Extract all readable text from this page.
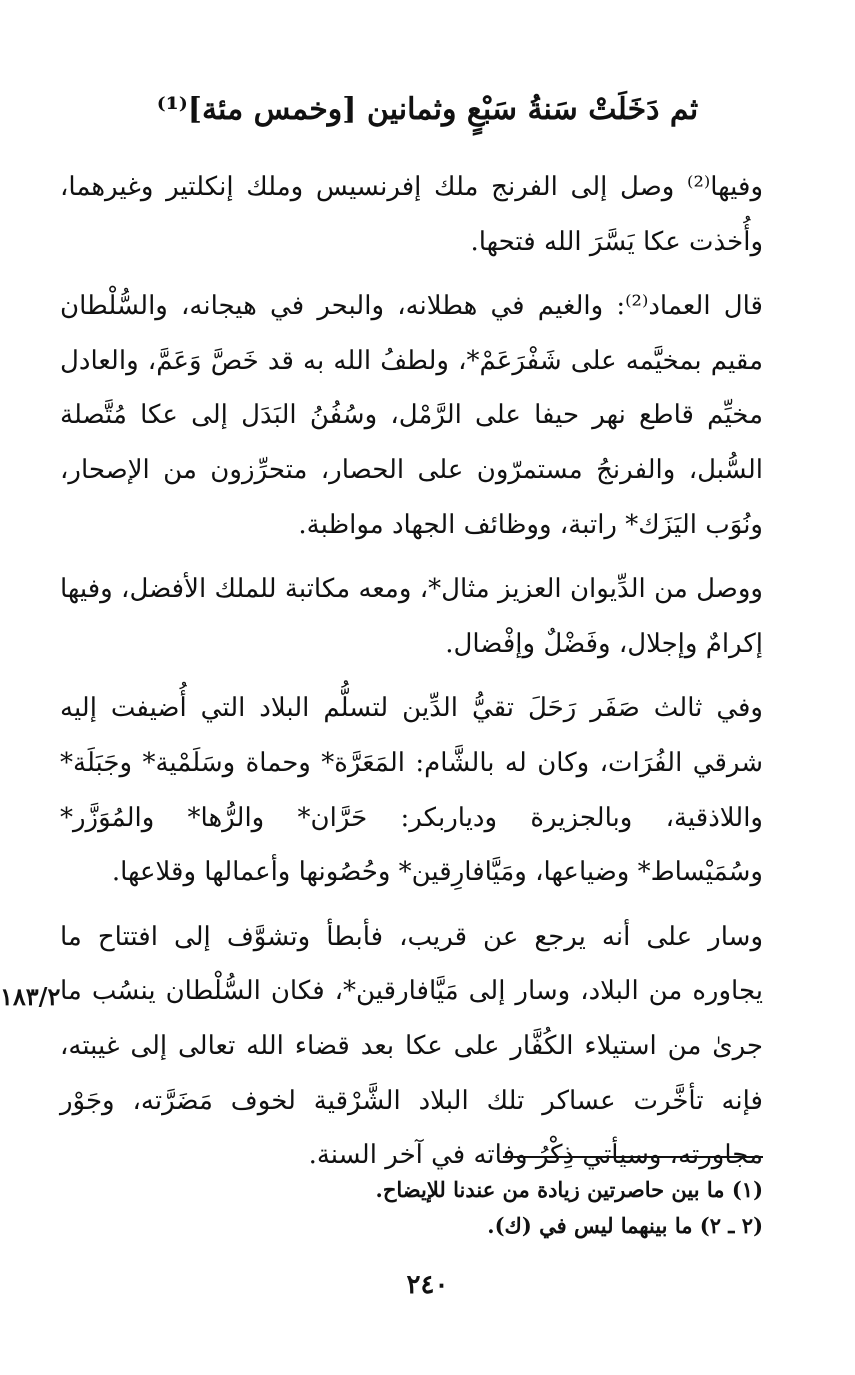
ثم دَخَلَتْ سَنةُ سَبْعٍ وثمانين [وخمس مئة]⁽¹⁾

وفيها⁽²⁾ وصل إلى الفرنج ملك إفرنسيس وملك إنكلتير وغيرهما، وأُخذت عكا يَسَّرَ الله فتحها.

قال العماد⁽²⁾: والغيم في هطلانه، والبحر في هيجانه، والسُّلْطان مقيم بمخيَّمه على شَفْرَعَمْ*، ولطفُ الله به قد خَصَّ وَعَمَّ، والعادل مخيِّم قاطع نهر حيفا على الرَّمْل، وسُفُنُ البَدَل إلى عكا مُتَّصلة السُّبل، والفرنجُ مستمرّون على الحصار، متحرِّزون من الإصحار، ونُوَب اليَزَك* راتبة، ووظائف الجهاد مواظبة.

ووصل من الدِّيوان العزيز مثال*، ومعه مكاتبة للملك الأفضل، وفيها إكرامٌ وإجلال، وفَضْلٌ وإفْضال.

وفي ثالث صَفَر رَحَلَ تقيُّ الدِّين لتسلُّم البلاد التي أُضيفت إليه شرقي الفُرَات، وكان له بالشَّام: المَعَرَّة* وحماة وسَلَمْية* وجَبَلَة* واللاذقية، وبالجزيرة ودياربكر: حَرَّان* والرُّها* والمُوَزَّر* وسُمَيْساط* وضياعها، ومَيَّافارِقين* وحُصُونها وأعمالها وقلاعها.

وسار على أنه يرجع عن قريب، فأبطأ وتشوَّف إلى افتتاح ما يجاوره من البلاد، وسار إلى مَيَّافارقين*، فكان السُّلْطان ينسُب ما جرىٰ من استيلاء الكُفَّار على عكا بعد قضاء الله تعالى إلى غيبته، فإنه تأخَّرت عساكر تلك البلاد الشَّرْقية لخوف مَضَرَّته، وجَوْر مجاورته، وسيأتي ذِكْرُ وفاته في آخر السنة.

١٨٣/٢
(١) ما بين حاصرتين زيادة من عندنا للإيضاح.
(٢ ـ ٢) ما بينهما ليس في (ك).
٢٤٠
